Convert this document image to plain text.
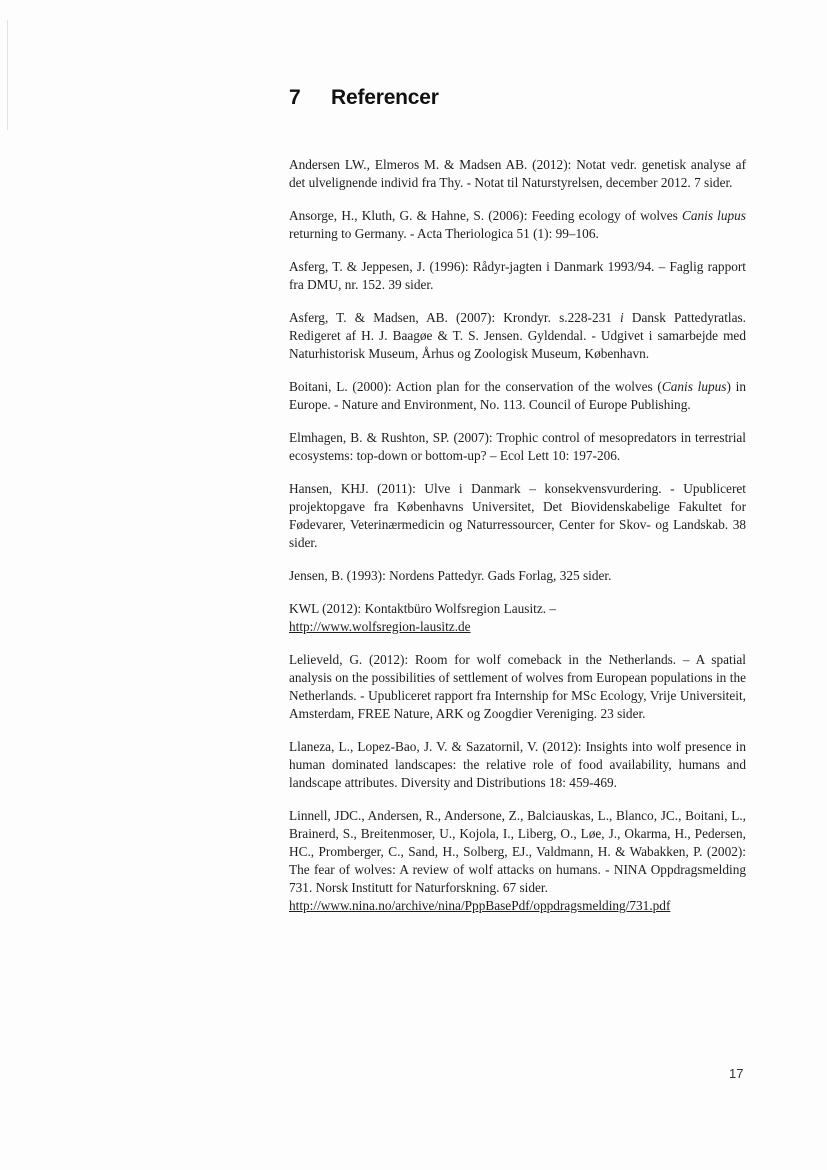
7 Referencer

Andersen LW., Elmeros M. & Madsen AB. (2012): Notat vedr. genetisk analyse af det ulvelignende individ fra Thy. - Notat til Naturstyrelsen, december 2012. 7 sider.

Ansorge, H., Kluth, G. & Hahne, S. (2006): Feeding ecology of wolves Canis lupus returning to Germany. - Acta Theriologica 51 (1): 99–106.

Asferg, T. & Jeppesen, J. (1996): Rådyr-jagten i Danmark 1993/94. – Faglig rapport fra DMU, nr. 152. 39 sider.

Asferg, T. & Madsen, AB. (2007): Krondyr. s.228-231 i Dansk Pattedyratlas. Redigeret af H. J. Baagøe & T. S. Jensen. Gyldendal. - Udgivet i samarbejde med Naturhistorisk Museum, Århus og Zoologisk Museum, København.

Boitani, L. (2000): Action plan for the conservation of the wolves (Canis lupus) in Europe. - Nature and Environment, No. 113. Council of Europe Publishing.

Elmhagen, B. & Rushton, SP. (2007): Trophic control of mesopredators in terrestrial ecosystems: top-down or bottom-up? – Ecol Lett 10: 197-206.

Hansen, KHJ. (2011): Ulve i Danmark – konsekvensvurdering. - Upubliceret projektopgave fra Københavns Universitet, Det Biovidenskabelige Fakultet for Fødevarer, Veterinærmedicin og Naturressourcer, Center for Skov- og Landskab. 38 sider.

Jensen, B. (1993): Nordens Pattedyr. Gads Forlag, 325 sider.

KWL (2012): Kontaktbüro Wolfsregion Lausitz. –
http://www.wolfsregion-lausitz.de

Lelieveld, G. (2012): Room for wolf comeback in the Netherlands. – A spatial analysis on the possibilities of settlement of wolves from European populations in the Netherlands. - Upubliceret rapport fra Internship for MSc Ecology, Vrije Universiteit, Amsterdam, FREE Nature, ARK og Zoogdier Vereniging. 23 sider.

Llaneza, L., Lopez-Bao, J. V. & Sazatornil, V. (2012): Insights into wolf presence in human dominated landscapes: the relative role of food availability, humans and landscape attributes. Diversity and Distributions 18: 459-469.

Linnell, JDC., Andersen, R., Andersone, Z., Balciauskas, L., Blanco, JC., Boitani, L., Brainerd, S., Breitenmoser, U., Kojola, I., Liberg, O., Løe, J., Okarma, H., Pedersen, HC., Promberger, C., Sand, H., Solberg, EJ., Valdmann, H. & Wabakken, P. (2002): The fear of wolves: A review of wolf attacks on humans. - NINA Oppdragsmelding 731. Norsk Institutt for Naturforskning. 67 sider.
http://www.nina.no/archive/nina/PppBasePdf/oppdragsmelding/731.pdf

17
